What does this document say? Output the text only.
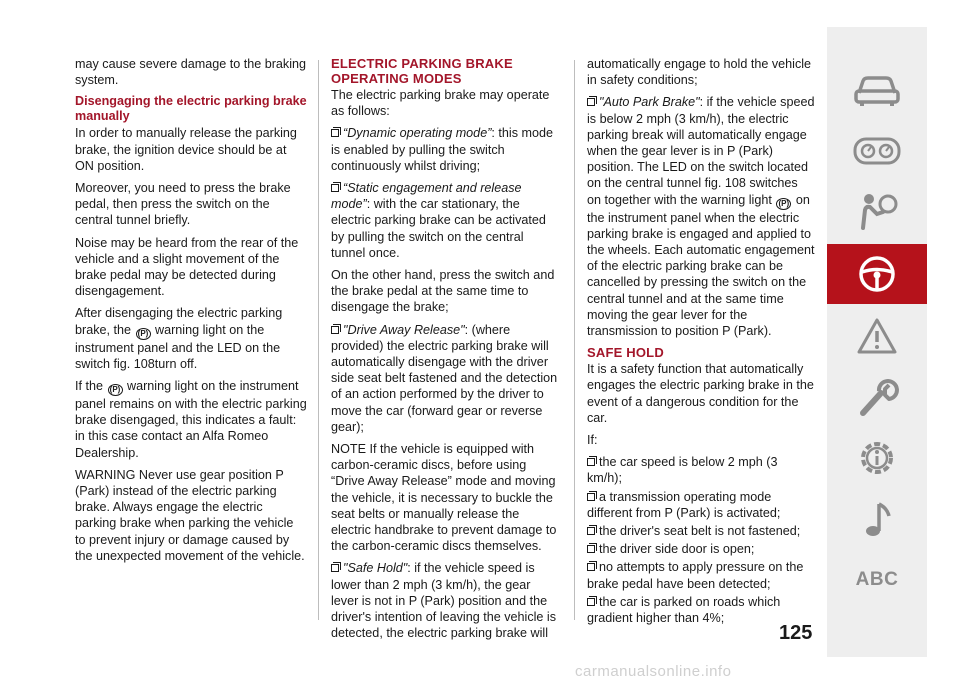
may cause severe damage to the braking system.

Disengaging the electric parking brake manually

In order to manually release the parking brake, the ignition device should be at ON position.

Moreover, you need to press the brake pedal, then press the switch on the central tunnel briefly.

Noise may be heard from the rear of the vehicle and a slight movement of the brake pedal may be detected during disengagement.

After disengaging the electric parking brake, the (P) warning light on the instrument panel and the LED on the switch fig. 108turn off.

If the (P) warning light on the instrument panel remains on with the electric parking brake disengaged, this indicates a fault: in this case contact an Alfa Romeo Dealership.

WARNING Never use gear position P (Park) instead of the electric parking brake. Always engage the electric parking brake when parking the vehicle to prevent injury or damage caused by the unexpected movement of the vehicle.

ELECTRIC PARKING BRAKE OPERATING MODES

The electric parking brake may operate as follows:

“Dynamic operating mode”: this mode is enabled by pulling the switch continuously whilst driving;

“Static engagement and release mode”: with the car stationary, the electric parking brake can be activated by pulling the switch on the central tunnel once.

On the other hand, press the switch and the brake pedal at the same time to disengage the brake;

"Drive Away Release": (where provided) the electric parking brake will automatically disengage with the driver side seat belt fastened and the detection of an action performed by the driver to move the car (forward gear or reverse gear);

NOTE If the vehicle is equipped with carbon-ceramic discs, before using “Drive Away Release” mode and moving the vehicle, it is necessary to buckle the seat belts or manually release the electric handbrake to prevent damage to the carbon-ceramic discs themselves.

"Safe Hold": if the vehicle speed is lower than 2 mph (3 km/h), the gear lever is not in P (Park) position and the driver's intention of leaving the vehicle is detected, the electric parking brake will

automatically engage to hold the vehicle in safety conditions;

"Auto Park Brake": if the vehicle speed is below 2 mph (3 km/h), the electric parking break will automatically engage when the gear lever is in P (Park) position. The LED on the switch located on the central tunnel fig. 108 switches on together with the warning light (P) on the instrument panel when the electric parking brake is engaged and applied to the wheels. Each automatic engagement of the electric parking brake can be cancelled by pressing the switch on the central tunnel and at the same time moving the gear lever for the transmission to position P (Park).

SAFE HOLD

It is a safety function that automatically engages the electric parking brake in the event of a dangerous condition for the car.

If:

the car speed is below 2 mph (3 km/h);

a transmission operating mode different from P (Park) is activated;

the driver's seat belt is not fastened;

the driver side door is open;

no attempts to apply pressure on the brake pedal have been detected;

the car is parked on roads which gradient higher than 4%;

125
ABC
carmanualsonline.info
